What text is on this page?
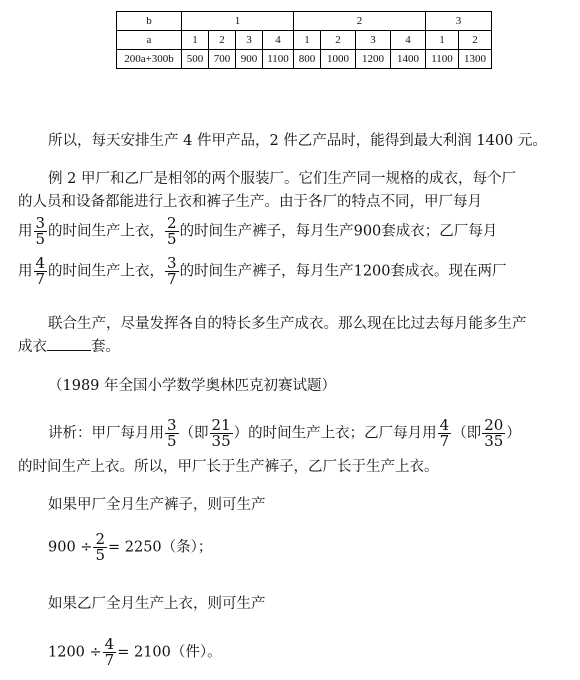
b	1				2				3	
a	1	2	3	4	1	2	3	4	1	2
200a+300b	500	700	900	1100	800	1000	1200	1400	1100	1300
所以，每天安排生产 4 件甲产品，2 件乙产品时，能得到最大利润 1400 元。
例 2 甲厂和乙厂是相邻的两个服装厂。它们生产同一规格的成衣，每个厂
的人员和设备都能进行上衣和裤子生产。由于各厂的特点不同，甲厂每月
用 $\frac{3}{5}$ 的时间生产上衣， $\frac{2}{5}$ 的时间生产裤子，每月生产900套成衣；乙厂每月
用 $\frac{4}{7}$ 的时间生产上衣， $\frac{3}{7}$ 的时间生产裤子，每月生产1200套成衣。现在两厂
联合生产，尽量发挥各自的特长多生产成衣。那么现在比过去每月能多生产
成衣	套。
（1989 年全国小学数学奥林匹克初赛试题）
讲析：甲厂每月用 $\frac{3}{5}$ （即 $\frac{21}{35}$ ）的时间生产上衣；乙厂每月用 $\frac{4}{7}$ （即 $\frac{20}{35}$ ）
的时间生产上衣。所以，甲厂长于生产裤子，乙厂长于生产上衣。
如果甲厂全月生产裤子，则可生产
$900 \div \frac{2}{5} = 2250$（条）；
如果乙厂全月生产上衣，则可生产
$1200 \div \frac{4}{7} = 2100$（件）。
